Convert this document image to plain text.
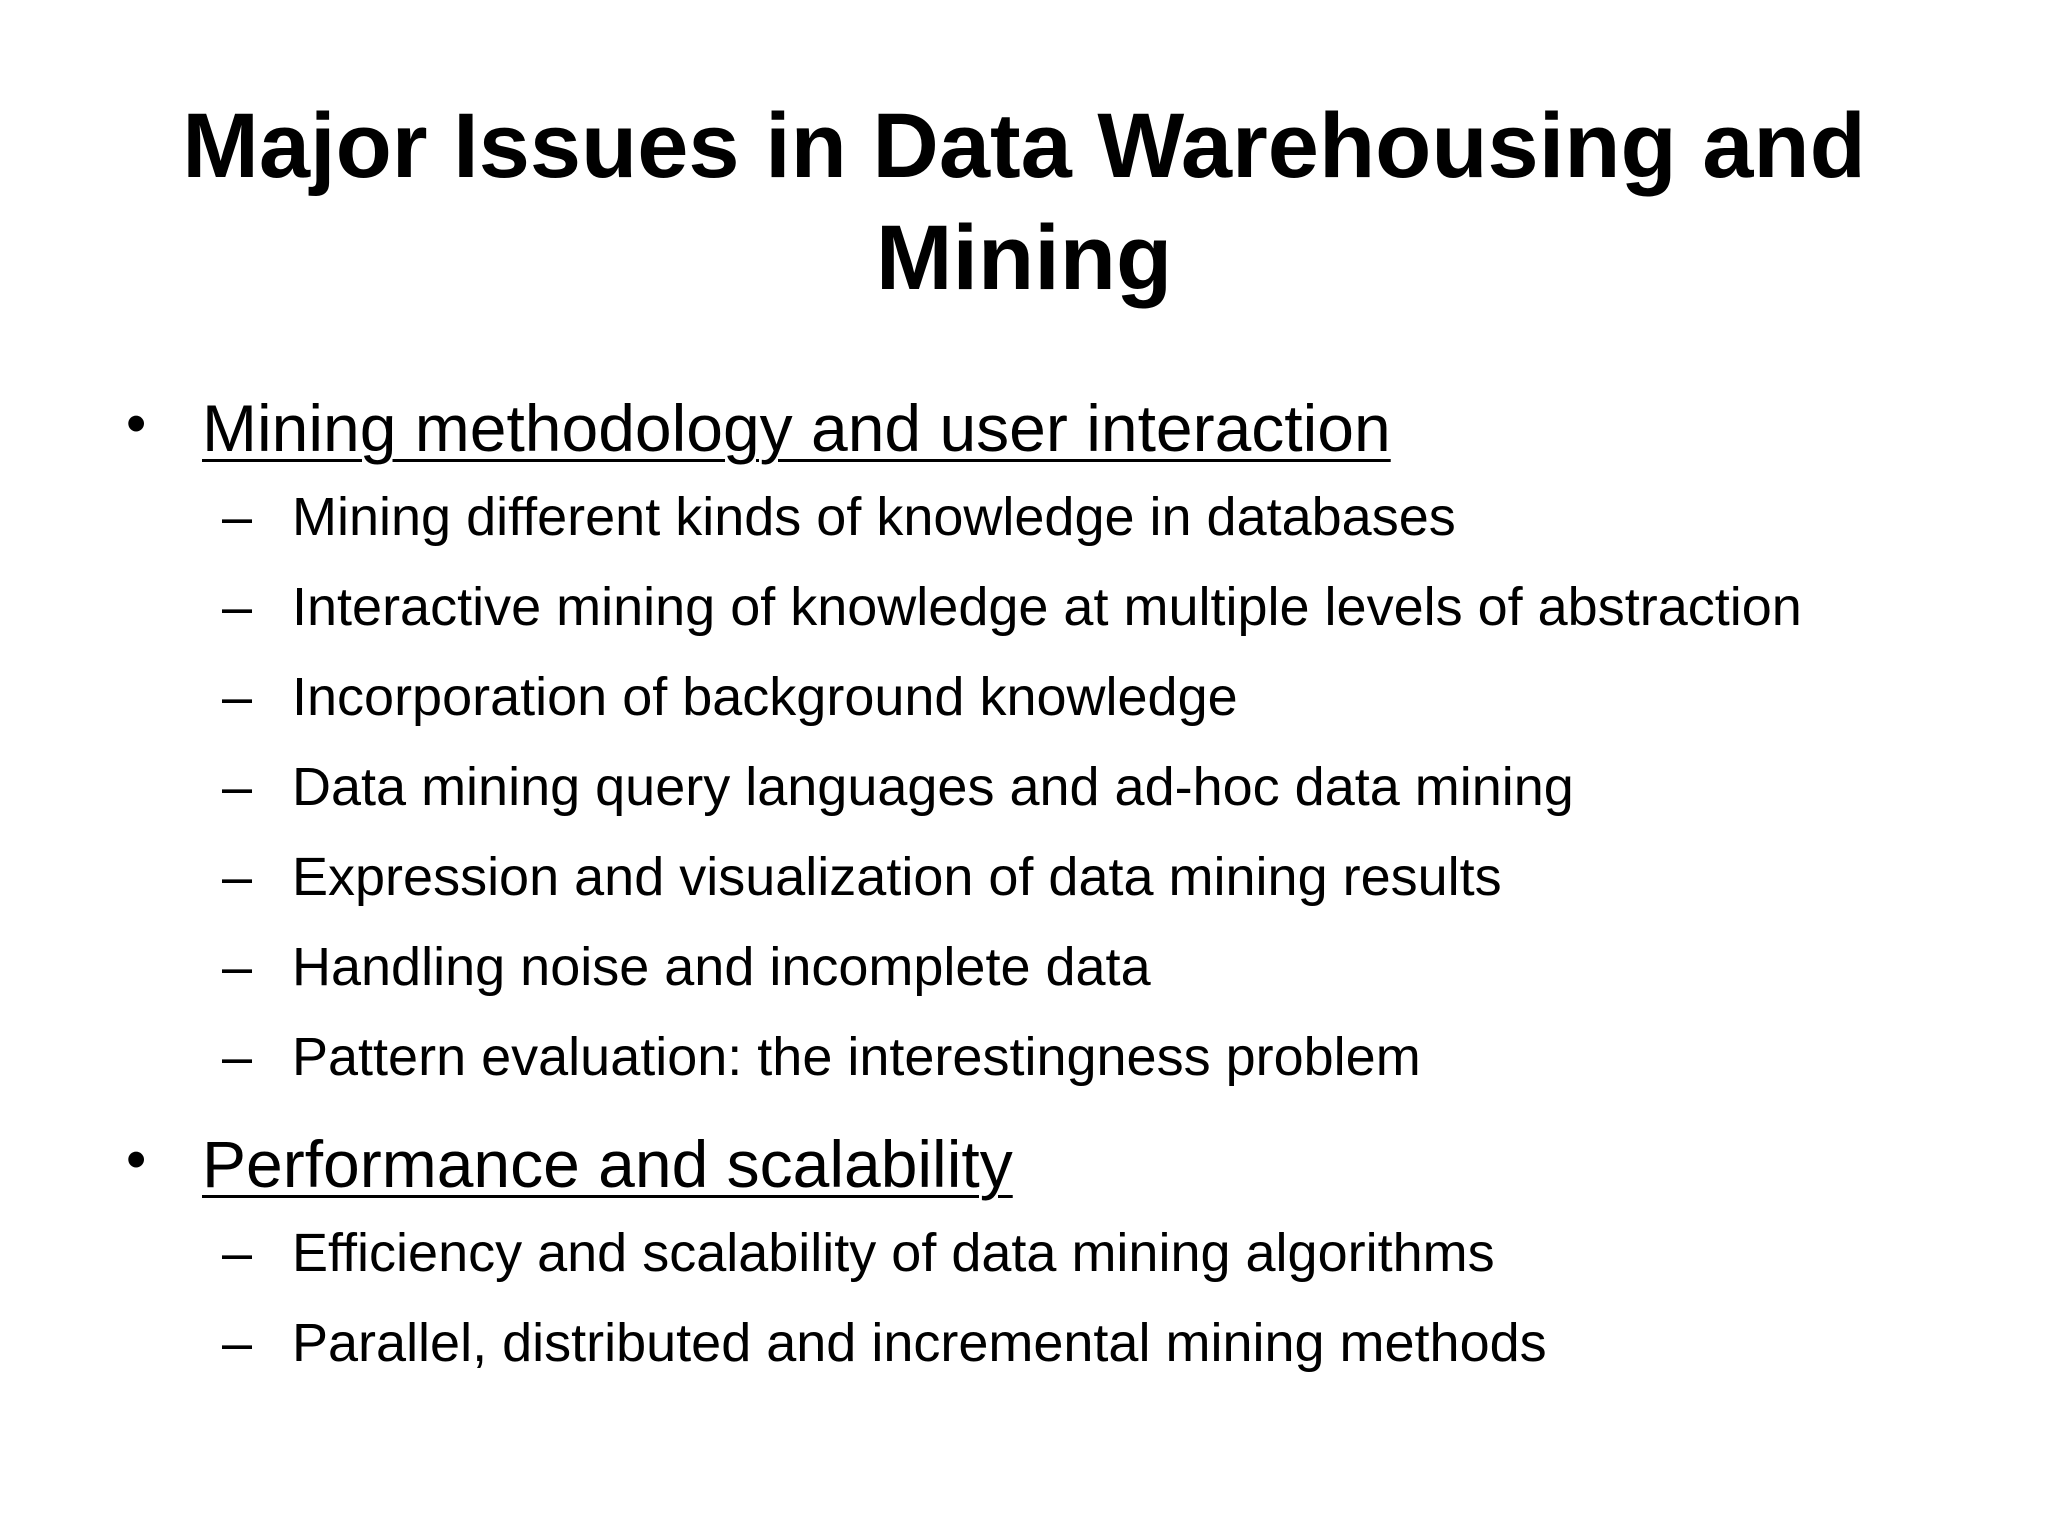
Major Issues in Data Warehousing and Mining
• Mining methodology and user interaction
– Mining different kinds of knowledge in databases
– Interactive mining of knowledge at multiple levels of abstraction
– Incorporation of background knowledge
– Data mining query languages and ad-hoc data mining
– Expression and visualization of data mining results
– Handling noise and incomplete data
– Pattern evaluation: the interestingness problem
• Performance and scalability
– Efficiency and scalability of data mining algorithms
– Parallel, distributed and incremental mining methods
